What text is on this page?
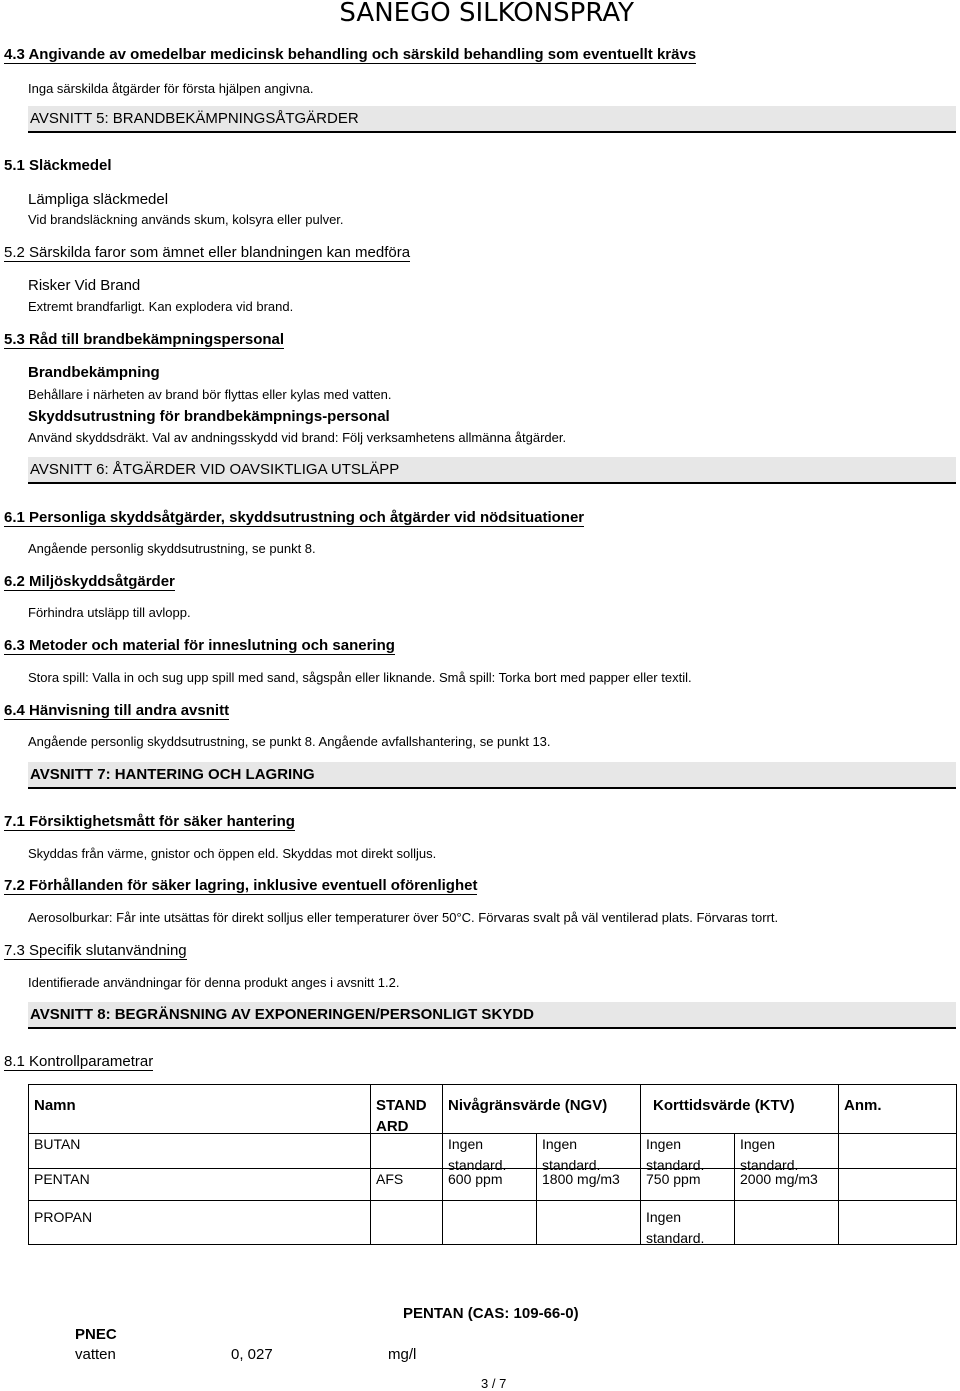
SANEGO SILKONSPRAY
4.3 Angivande av omedelbar medicinsk behandling och särskild behandling som eventuellt krävs
Inga särskilda åtgärder för första hjälpen angivna.
AVSNITT 5: BRANDBEKÄMPNINGSÅTGÄRDER
5.1 Släckmedel
Lämpliga släckmedel
Vid brandsläckning används skum, kolsyra eller pulver.
5.2 Särskilda faror som ämnet eller blandningen kan medföra
Risker Vid Brand
Extremt brandfarligt. Kan explodera vid brand.
5.3 Råd till brandbekämpningspersonal
Brandbekämpning
Behållare i närheten av brand bör flyttas eller kylas med vatten.
Skyddsutrustning för brandbekämpnings-personal
Använd skyddsdräkt. Val av andningsskydd vid brand: Följ verksamhetens allmänna åtgärder.
AVSNITT 6: ÅTGÄRDER VID OAVSIKTLIGA UTSLÄPP
6.1 Personliga skyddsåtgärder, skyddsutrustning och åtgärder vid nödsituationer
Angående personlig skyddsutrustning, se punkt 8.
6.2 Miljöskyddsåtgärder
Förhindra utsläpp till avlopp.
6.3 Metoder och material för inneslutning och sanering
Stora spill: Valla in och sug upp spill med sand, sågspån eller liknande. Små spill: Torka bort med papper eller textil.
6.4 Hänvisning till andra avsnitt
Angående personlig skyddsutrustning, se punkt 8. Angående avfallshantering, se punkt 13.
AVSNITT 7: HANTERING OCH LAGRING
7.1 Försiktighetsmått för säker hantering
Skyddas från värme, gnistor och öppen eld. Skyddas mot direkt solljus.
7.2 Förhållanden för säker lagring, inklusive eventuell oförenlighet
Aerosolburkar: Får inte utsättas för direkt solljus eller temperaturer över 50°C. Förvaras svalt på väl ventilerad plats. Förvaras torrt.
7.3 Specifik slutanvändning
Identifierade användningar för denna produkt anges i avsnitt 1.2.
AVSNITT 8: BEGRÄNSNING AV EXPONERINGEN/PERSONLIGT SKYDD
8.1 Kontrollparametrar
Namn	STANDARD	Nivågränsvärde (NGV)		Korttidsvärde (KTV)		Anm.
BUTAN		Ingen standard.	Ingen standard.	Ingen standard.	Ingen standard.	

PENTAN	AFS	600 ppm	1800 mg/m3	750 ppm	2000 mg/m3	
PROPAN				Ingen standard.		

PENTAN (CAS: 109-66-0)
PNEC
vatten	0, 027	mg/l
3 / 7
